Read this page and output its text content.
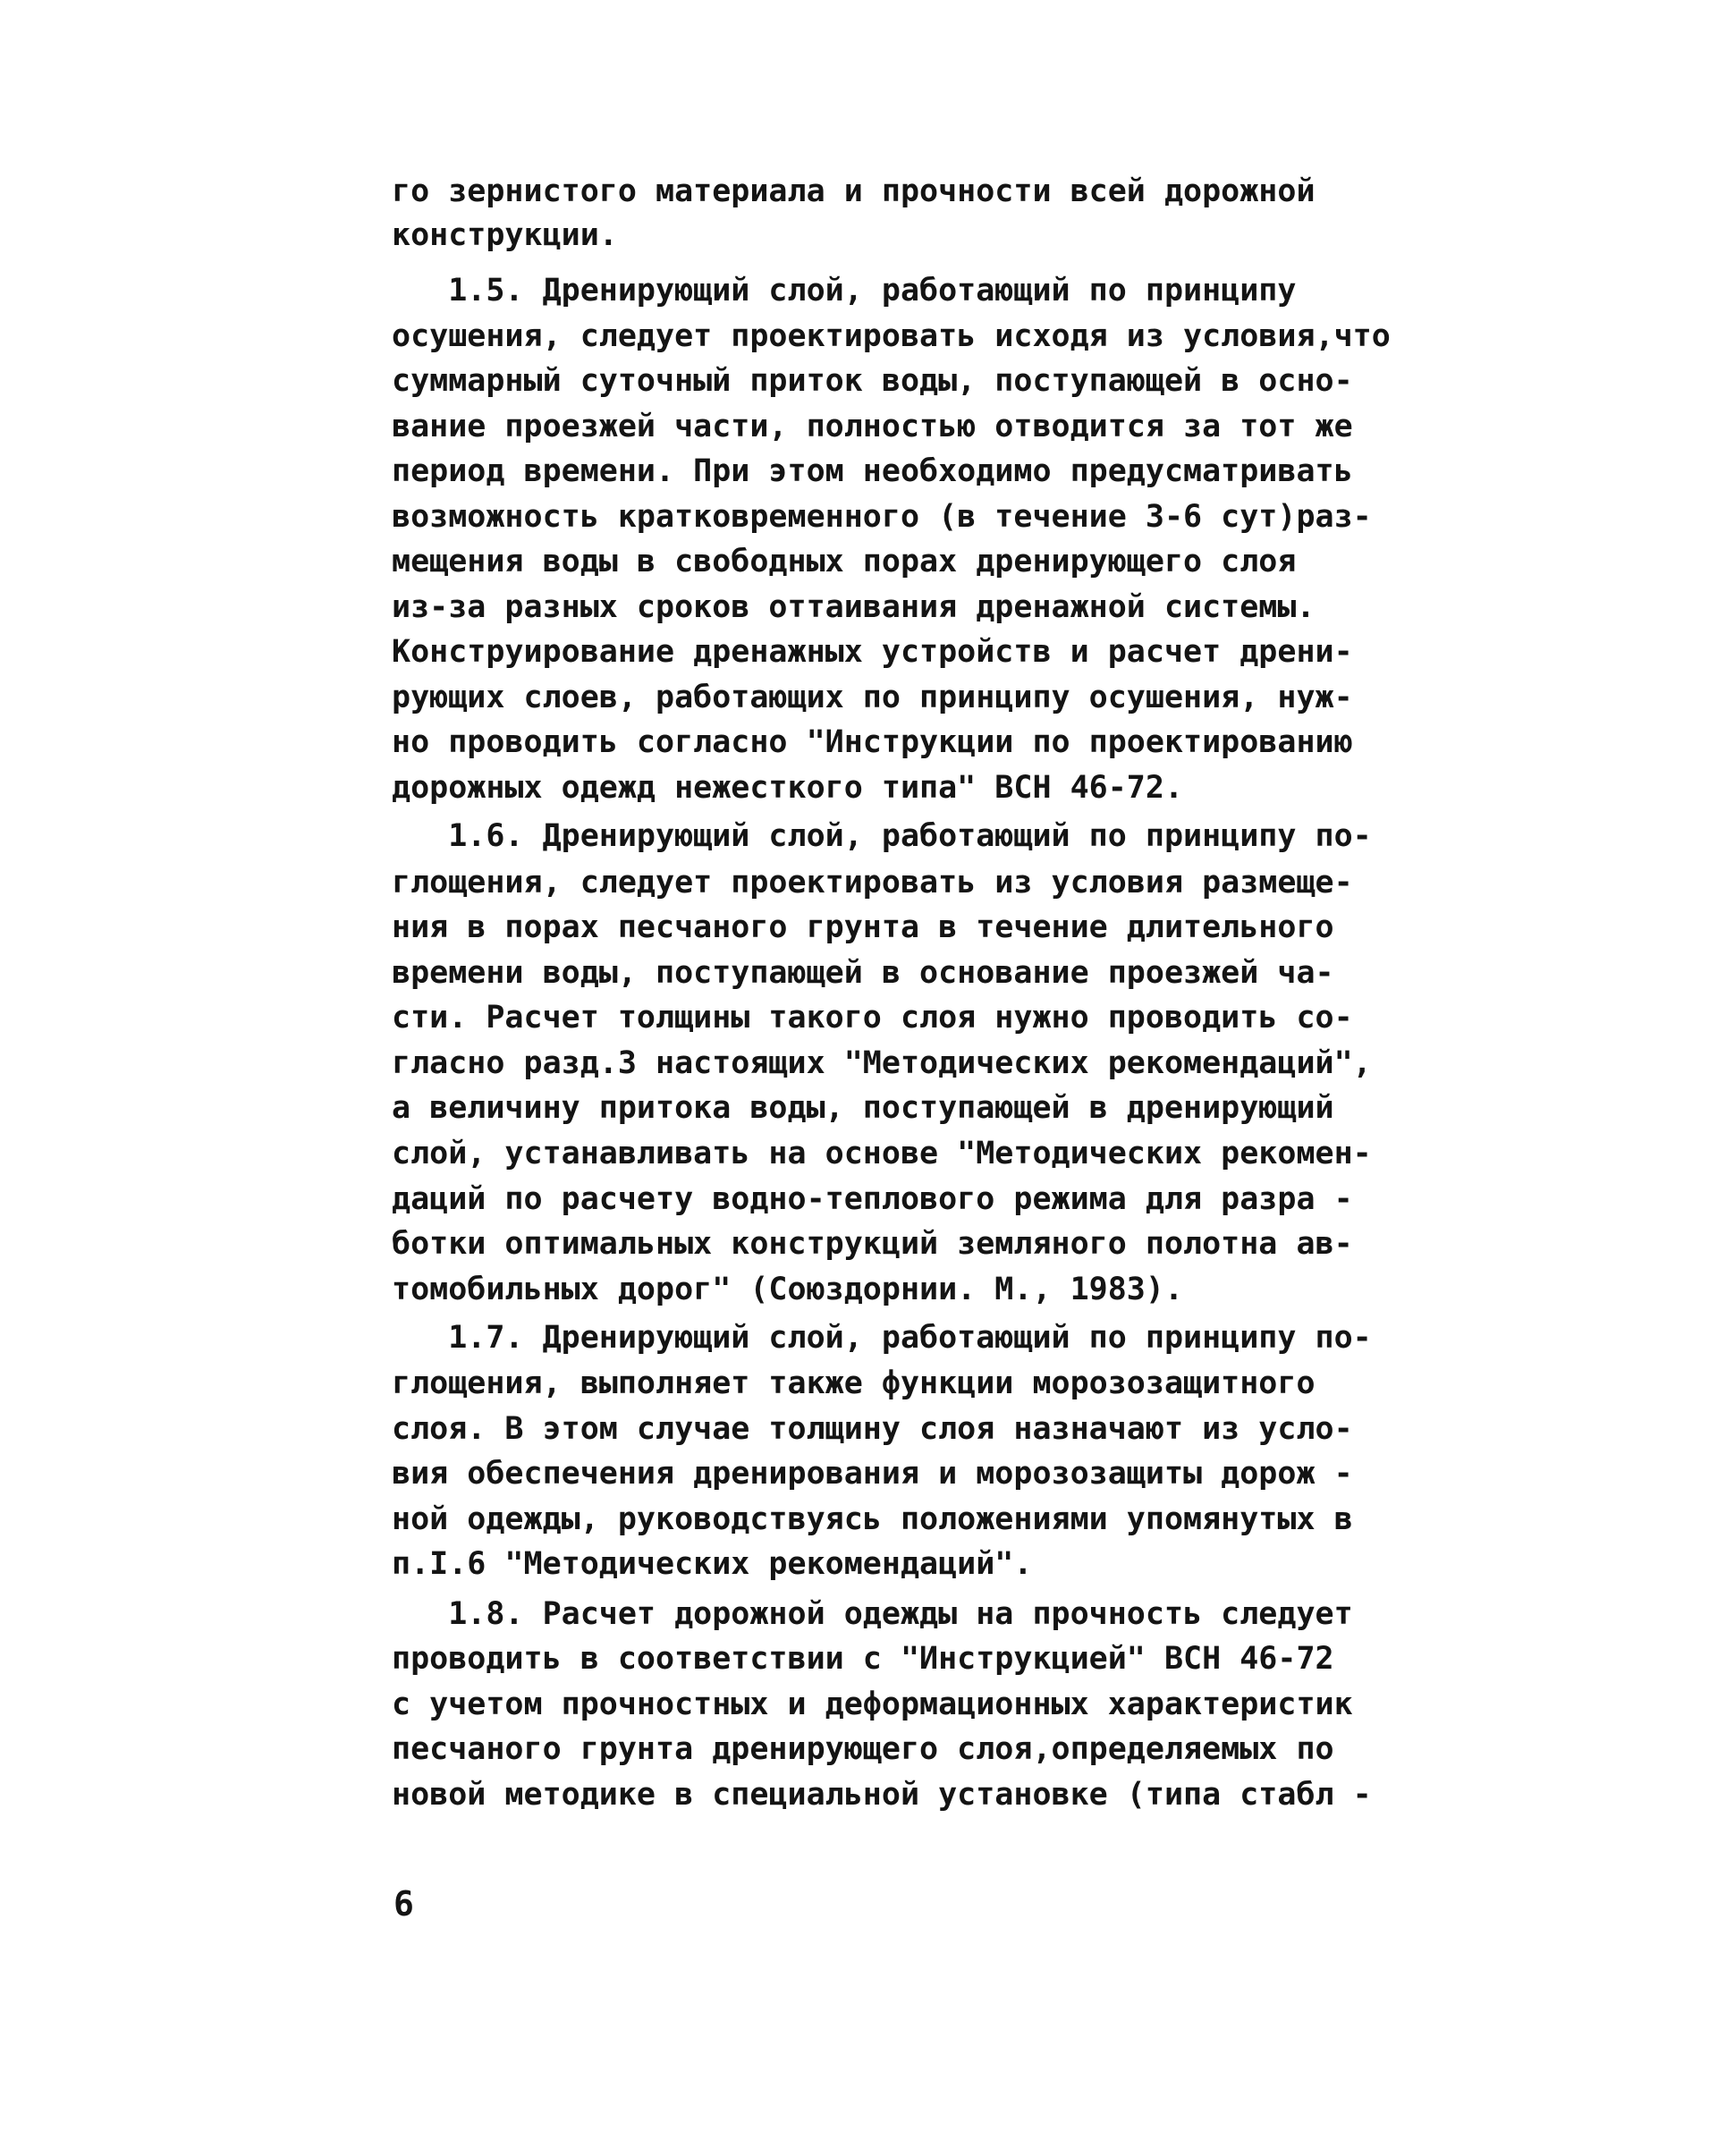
го зернистого материала и прочности всей дорожной
конструкции.
1.5. Дренирующий слой, работающий по принципу
осушения, следует проектировать исходя из условия,что
суммарный суточный приток воды, поступающей в осно-
вание проезжей части, полностью отводится за тот же
период времени. При этом необходимо предусматривать
возможность кратковременного (в течение 3-6 сут)раз-
мещения воды в свободных порах дренирующего слоя
из-за разных сроков оттаивания дренажной системы.
Конструирование дренажных устройств и расчет дрени-
рующих слоев, работающих по принципу осушения, нуж-
но проводить согласно "Инструкции по проектированию
дорожных одежд нежесткого типа" ВСН 46-72.
1.6. Дренирующий слой, работающий по принципу по-
глощения, следует проектировать из условия размеще-
ния в порах песчаного грунта в течение длительного
времени воды, поступающей в основание проезжей ча-
сти. Расчет толщины такого слоя нужно проводить со-
гласно разд.3 настоящих "Методических рекомендаций",
а величину притока воды, поступающей в дренирующий
слой, устанавливать на основе "Методических рекомен-
даций по расчету водно-теплового режима для разра -
ботки оптимальных конструкций земляного полотна ав-
томобильных дорог" (Союздорнии. М., 1983).
1.7. Дренирующий слой, работающий по принципу по-
глощения, выполняет также функции морозозащитного
слоя. В этом случае толщину слоя назначают из усло-
вия обеспечения дренирования и морозозащиты дорож -
ной одежды, руководствуясь положениями упомянутых в
п.I.6 "Методических рекомендаций".
1.8. Расчет дорожной одежды на прочность следует
проводить в соответствии с "Инструкцией" ВСН 46-72
с учетом прочностных и деформационных характеристик
песчаного грунта дренирующего слоя,определяемых по
новой методике в специальной установке (типа стабл -
6
